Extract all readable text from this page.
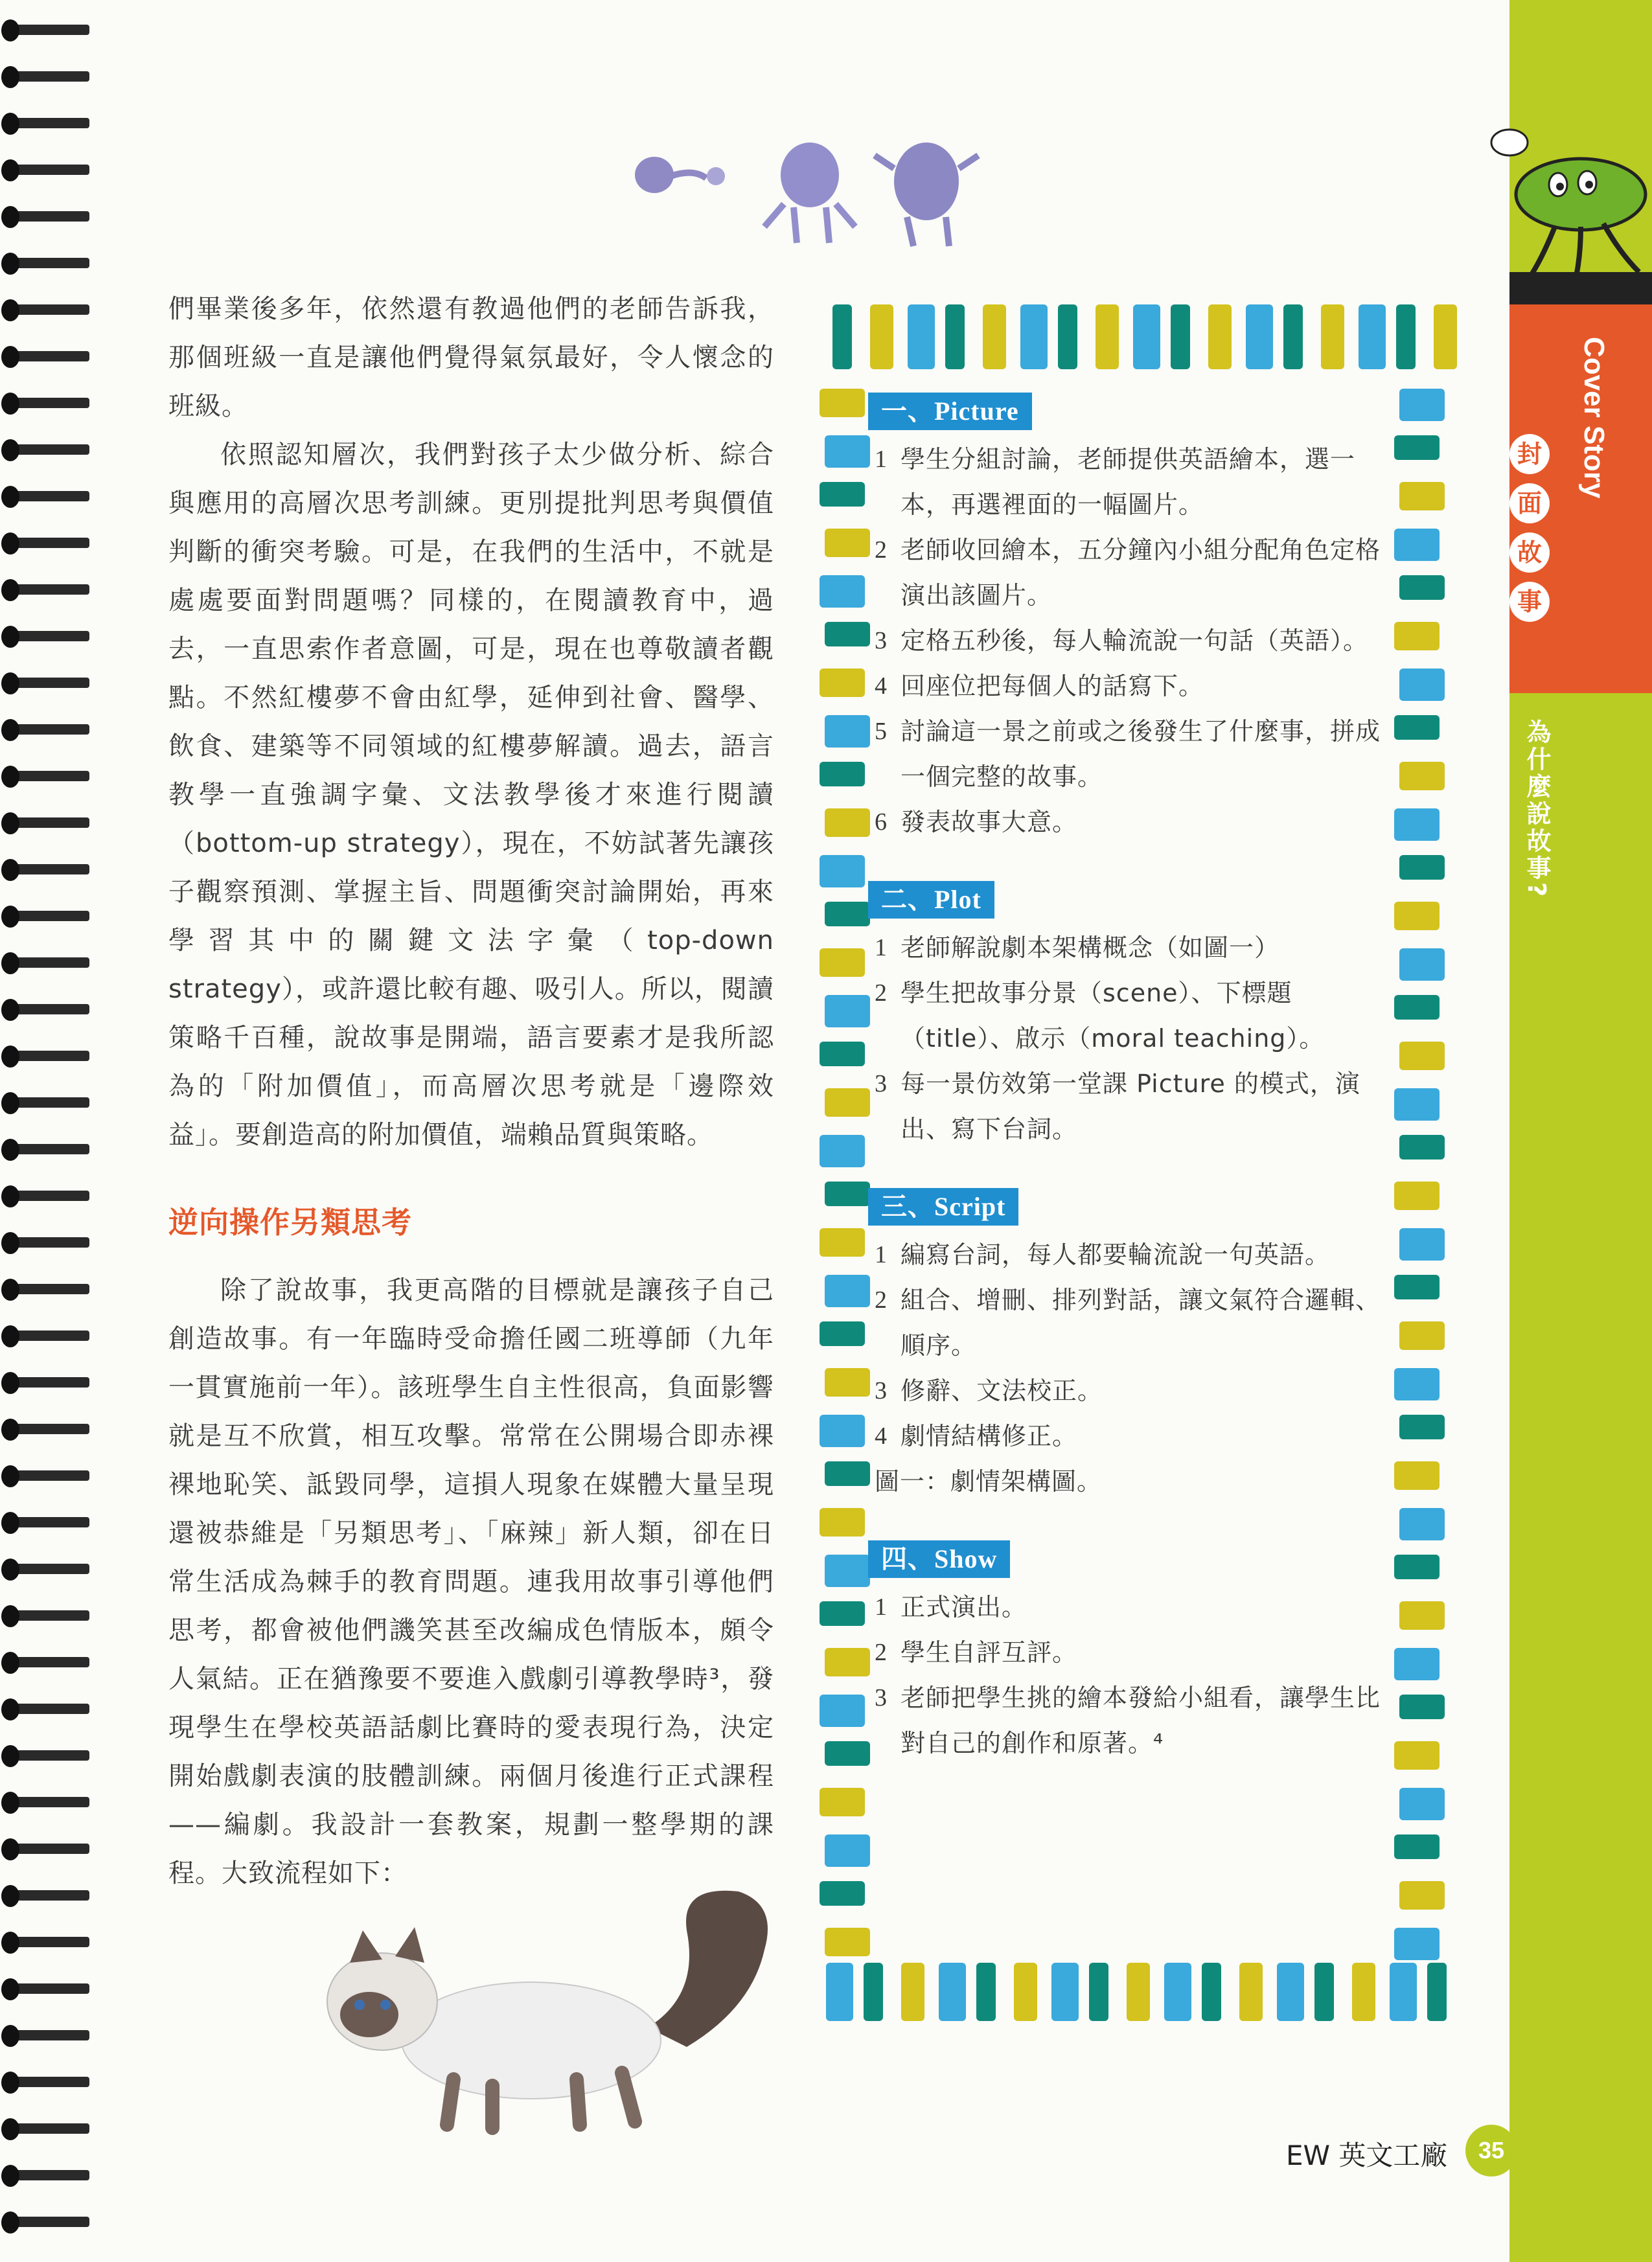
Cover Story
封
面
故
事
為什麼說故事?

們畢業後多年，依然還有教過他們的老師告訴我，那個班級一直是讓他們覺得氣氛最好，令人懷念的班級。

依照認知層次，我們對孩子太少做分析、綜合與應用的高層次思考訓練。更別提批判思考與價值判斷的衝突考驗。可是，在我們的生活中，不就是處處要面對問題嗎？同樣的，在閱讀教育中，過去，一直思索作者意圖，可是，現在也尊敬讀者觀點。不然紅樓夢不會由紅學，延伸到社會、醫學、飲食、建築等不同領域的紅樓夢解讀。過去，語言教學一直強調字彙、文法教學後才來進行閱讀（bottom-up strategy），現在，不妨試著先讓孩子觀察預測、掌握主旨、問題衝突討論開始，再來學習其中的關鍵文法字彙（top-down strategy），或許還比較有趣、吸引人。所以，閱讀策略千百種，說故事是開端，語言要素才是我所認為的「附加價值」，而高層次思考就是「邊際效益」。要創造高的附加價值，端賴品質與策略。

逆向操作另類思考

除了說故事，我更高階的目標就是讓孩子自己創造故事。有一年臨時受命擔任國二班導師（九年一貫實施前一年）。該班學生自主性很高，負面影響就是互不欣賞，相互攻擊。常常在公開場合即赤裸裸地恥笑、詆毀同學，這損人現象在媒體大量呈現還被恭維是「另類思考」、「麻辣」新人類，卻在日常生活成為棘手的教育問題。連我用故事引導他們思考，都會被他們譏笑甚至改編成色情版本，頗令人氣結。正在猶豫要不要進入戲劇引導教學時³，發現學生在學校英語話劇比賽時的愛表現行為，決定開始戲劇表演的肢體訓練。兩個月後進行正式課程——編劇。我設計一套教案，規劃一整學期的課程。大致流程如下：

一、Picture
1 學生分組討論，老師提供英語繪本，選一本，再選裡面的一幅圖片。
2 老師收回繪本，五分鐘內小組分配角色定格演出該圖片。
3 定格五秒後，每人輪流說一句話（英語）。
4 回座位把每個人的話寫下。
5 討論這一景之前或之後發生了什麼事，拼成一個完整的故事。
6 發表故事大意。
二、Plot
1 老師解說劇本架構概念（如圖一）
2 學生把故事分景（scene）、下標題（title）、啟示（moral teaching）。
3 每一景仿效第一堂課 Picture 的模式，演出、寫下台詞。
三、Script
1 編寫台詞，每人都要輪流說一句英語。
2 組合、增刪、排列對話，讓文氣符合邏輯、順序。
3 修辭、文法校正。
4 劇情結構修正。
圖一：劇情架構圖。
四、Show
1 正式演出。
2 學生自評互評。
3 老師把學生挑的繪本發給小組看，讓學生比對自己的創作和原著。⁴
EW 英文工廠	35
